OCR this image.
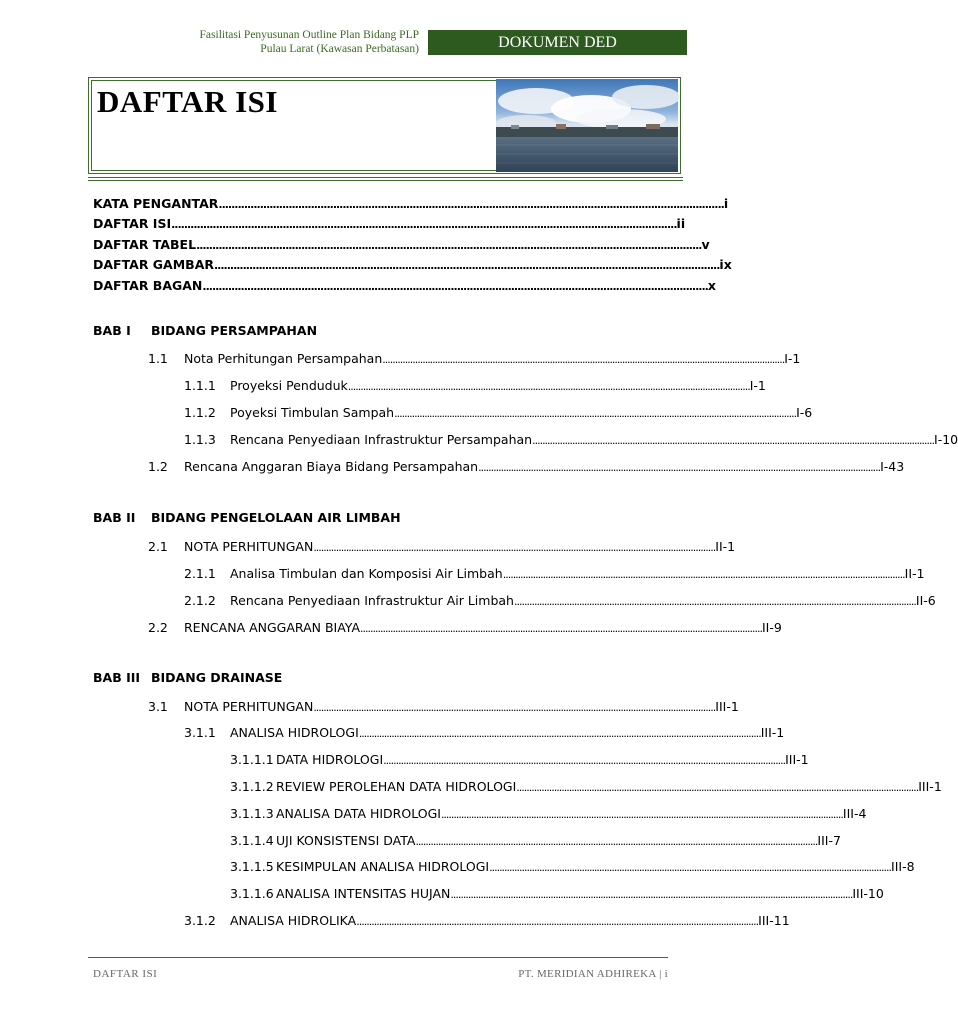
Fasilitasi Penyusunan Outline Plan Bidang PLP
Pulau Larat (Kawasan Perbatasan)	DOKUMEN DED
DAFTAR ISI
KATA PENGANTAR ............................................................................................................................................................... i
DAFTAR ISI ............................................................................................................................................................... ii
DAFTAR TABEL ............................................................................................................................................................... v
DAFTAR GAMBAR ............................................................................................................................................................... ix
DAFTAR BAGAN ............................................................................................................................................................... x
BAB I BIDANG PERSAMPAHAN
1.1	Nota Perhitungan Persampahan ................................................................................................................................................................. I-1
1.1.1	Proyeksi Penduduk ................................................................................................................................................................. I-1
1.1.2	Poyeksi Timbulan Sampah ................................................................................................................................................................. I-6
1.1.3	Rencana Penyediaan Infrastruktur Persampahan ................................................................................................................................................................. I-10
1.2	Rencana Anggaran Biaya Bidang Persampahan ................................................................................................................................................................. I-43
BAB II BIDANG PENGELOLAAN AIR LIMBAH
2.1	NOTA PERHITUNGAN ................................................................................................................................................................. II-1
2.1.1	Analisa Timbulan dan Komposisi Air Limbah ................................................................................................................................................................. II-1
2.1.2	Rencana Penyediaan Infrastruktur Air Limbah ................................................................................................................................................................. II-6
2.2	RENCANA ANGGARAN BIAYA ................................................................................................................................................................. II-9
BAB III BIDANG DRAINASE
3.1	NOTA PERHITUNGAN ................................................................................................................................................................. III-1
3.1.1	ANALISA HIDROLOGI ................................................................................................................................................................. III-1
3.1.1.1 DATA HIDROLOGI ................................................................................................................................................................. III-1
3.1.1.2 REVIEW PEROLEHAN DATA HIDROLOGI ................................................................................................................................................................. III-1
3.1.1.3 ANALISA DATA HIDROLOGI ................................................................................................................................................................. III-4
3.1.1.4 UJI KONSISTENSI DATA ................................................................................................................................................................. III-7
3.1.1.5 KESIMPULAN ANALISA HIDROLOGI ................................................................................................................................................................. III-8
3.1.1.6 ANALISA INTENSITAS HUJAN ................................................................................................................................................................. III-10
3.1.2	ANALISA HIDROLIKA ................................................................................................................................................................. III-11
DAFTAR ISI	PT. MERIDIAN ADHIREKA | i
